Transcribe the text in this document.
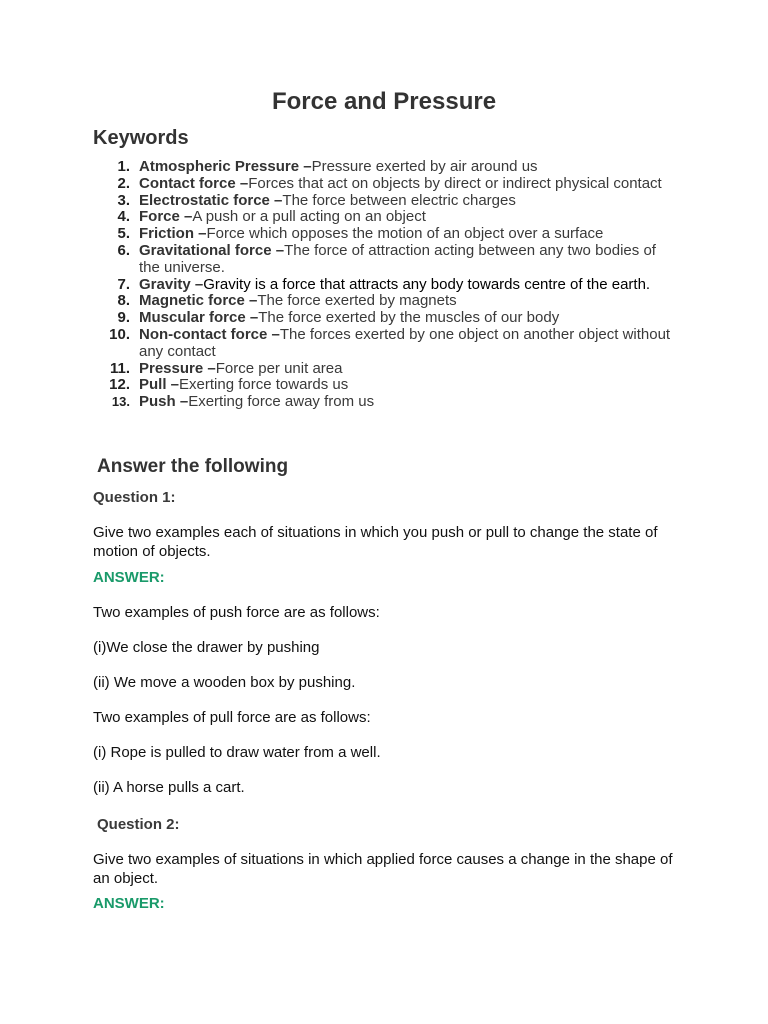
Force and Pressure
Keywords
1. Atmospheric Pressure –Pressure exerted by air around us
2. Contact force –Forces that act on objects by direct or indirect physical contact
3. Electrostatic force –The force between electric charges
4. Force –A push or a pull acting on an object
5. Friction –Force which opposes the motion of an object over a surface
6. Gravitational force –The force of attraction acting between any two bodies of the universe.
7. Gravity –Gravity is a force that attracts any body towards centre of the earth.
8. Magnetic force –The force exerted by magnets
9. Muscular force –The force exerted by the muscles of our body
10. Non-contact force –The forces exerted by one object on another object without any contact
11. Pressure –Force per unit area
12. Pull –Exerting force towards us
13. Push –Exerting force away from us
Answer the following

Question 1:

Give two examples each of situations in which you push or pull to change the state of motion of objects.

ANSWER:

Two examples of push force are as follows:

(i)We close the drawer by pushing

(ii) We move a wooden box by pushing.

Two examples of pull force are as follows:

(i) Rope is pulled to draw water from a well.

(ii) A horse pulls a cart.

Question 2:

Give two examples of situations in which applied force causes a change in the shape of an object.

ANSWER:
